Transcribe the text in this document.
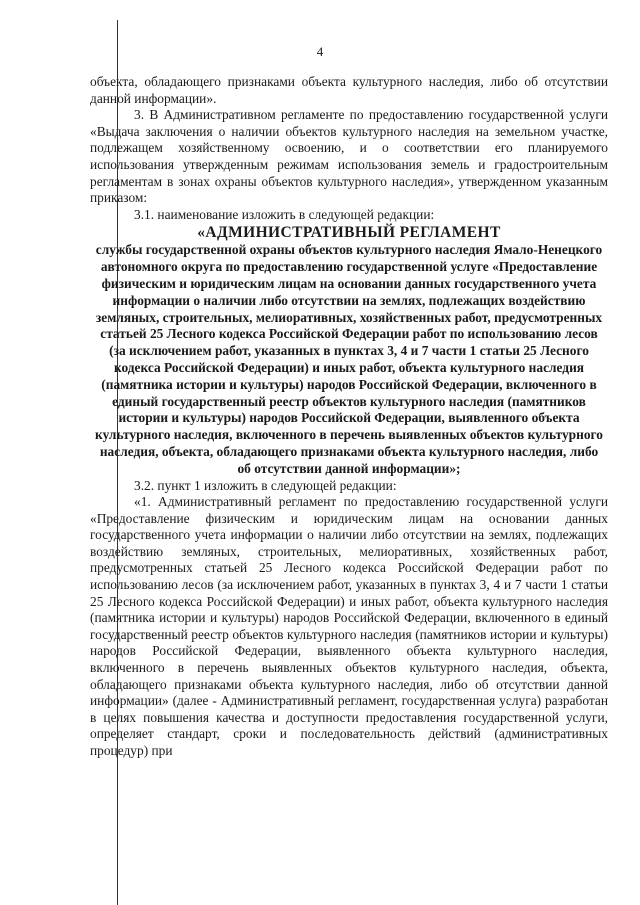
4

объекта, обладающего признаками объекта культурного наследия, либо об отсутствии данной информации».

3. В Административном регламенте по предоставлению государственной услуги «Выдача заключения о наличии объектов культурного наследия на земельном участке, подлежащем хозяйственному освоению, и о соответствии его планируемого использования утвержденным режимам использования земель и градостроительным регламентам в зонах охраны объектов культурного наследия», утвержденном указанным приказом:

3.1. наименование изложить в следующей редакции:

«АДМИНИСТРАТИВНЫЙ РЕГЛАМЕНТ

службы государственной охраны объектов культурного наследия Ямало-Ненецкого автономного округа по предоставлению государственной услуге «Предоставление физическим и юридическим лицам на основании данных государственного учета информации о наличии либо отсутствии на землях, подлежащих воздействию земляных, строительных, мелиоративных, хозяйственных работ, предусмотренных статьей 25 Лесного кодекса Российской Федерации работ по использованию лесов (за исключением работ, указанных в пунктах 3, 4 и 7 части 1 статьи 25 Лесного кодекса Российской Федерации) и иных работ, объекта культурного наследия (памятника истории и культуры) народов Российской Федерации, включенного в единый государственный реестр объектов культурного наследия (памятников истории и культуры) народов Российской Федерации, выявленного объекта культурного наследия, включенного в перечень выявленных объектов культурного наследия, объекта, обладающего признаками объекта культурного наследия, либо об отсутствии данной информации»;

3.2. пункт 1 изложить в следующей редакции:

«1. Административный регламент по предоставлению государственной услуги «Предоставление физическим и юридическим лицам на основании данных государственного учета информации о наличии либо отсутствии на землях, подлежащих воздействию земляных, строительных, мелиоративных, хозяйственных работ, предусмотренных статьей 25 Лесного кодекса Российской Федерации работ по использованию лесов (за исключением работ, указанных в пунктах 3, 4 и 7 части 1 статьи 25 Лесного кодекса Российской Федерации) и иных работ, объекта культурного наследия (памятника истории и культуры) народов Российской Федерации, включенного в единый государственный реестр объектов культурного наследия (памятников истории и культуры) народов Российской Федерации, выявленного объекта культурного наследия, включенного в перечень выявленных объектов культурного наследия, объекта, обладающего признаками объекта культурного наследия, либо об отсутствии данной информации» (далее - Административный регламент, государственная услуга) разработан в целях повышения качества и доступности предоставления государственной услуги, определяет стандарт, сроки и последовательность действий (административных процедур) при
